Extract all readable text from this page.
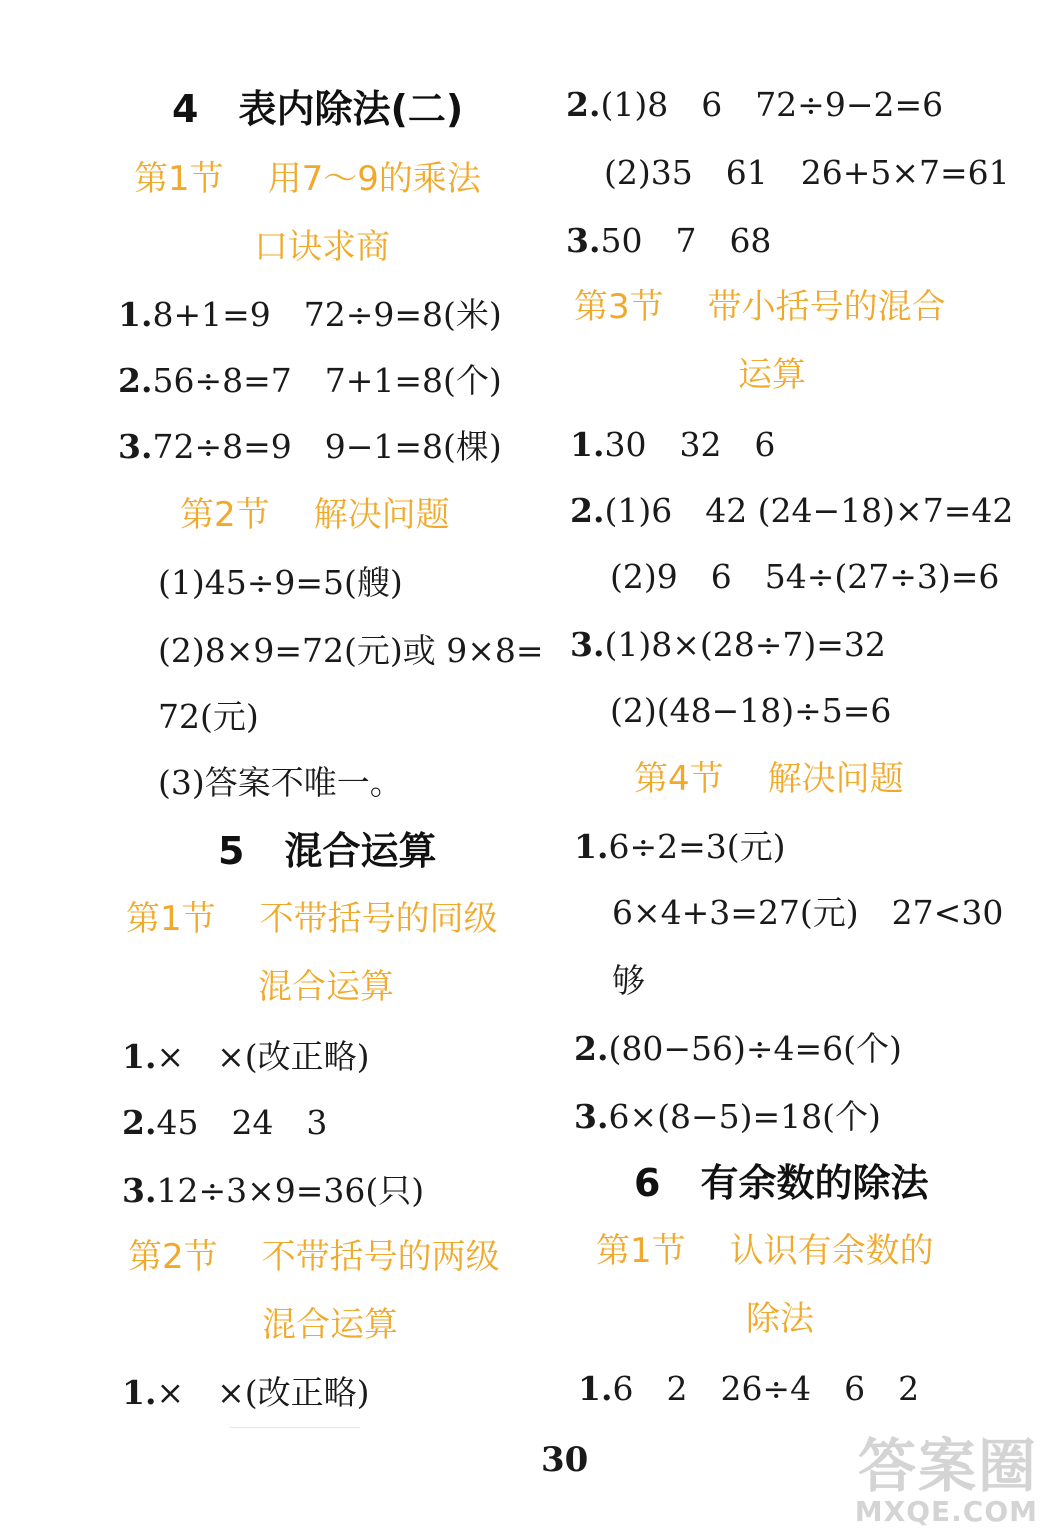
4 表内除法(二)
第1节 用7～9的乘法
口诀求商
1.8+1=9　72÷9=8(米)
2.56÷8=7　7+1=8(个)
3.72÷8=9　9−1=8(棵)
第2节 解决问题
(1)45÷9=5(艘)
(2)8×9=72(元)或 9×8=
72(元)
(3)答案不唯一。
5 混合运算
第1节 不带括号的同级
混合运算
1.×　×(改正略)
2.45　24　3
3.12÷3×9=36(只)
第2节 不带括号的两级
混合运算
1.×　×(改正略)
2.(1)8　6　72÷9−2=6
(2)35　61　26+5×7=61
3.50　7　68
第3节 带小括号的混合
运算
1.30　32　6
2.(1)6　42 (24−18)×7=42
(2)9　6　54÷(27÷3)=6
3.(1)8×(28÷7)=32
(2)(48−18)÷5=6
第4节 解决问题
1.6÷2=3(元)
6×4+3=27(元)　27<30
够
2.(80−56)÷4=6(个)
3.6×(8−5)=18(个)
6 有余数的除法
第1节 认识有余数的
除法
1.6　2　26÷4　6　2
30	答案圈
MXQE.COM
